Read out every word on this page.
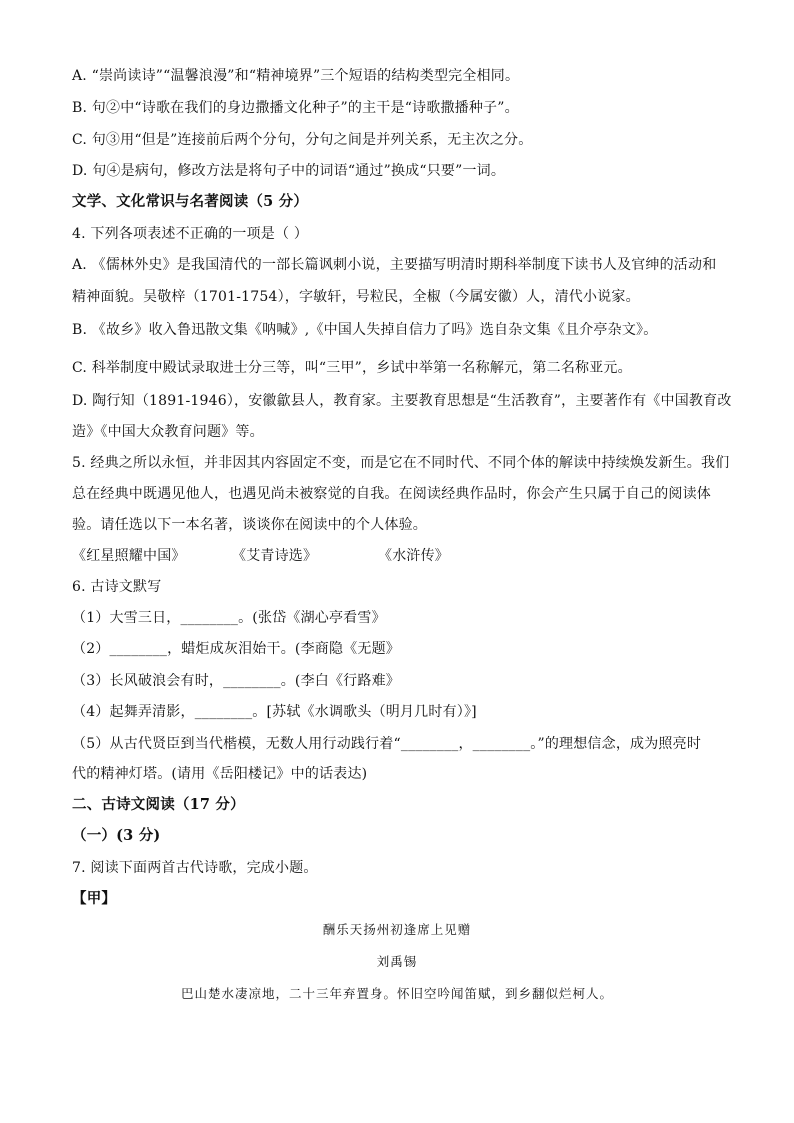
A. “崇尚读诗”“温馨浪漫”和“精神境界”三个短语的结构类型完全相同。
B. 句②中“诗歌在我们的身边撒播文化种子”的主干是“诗歌撒播种子”。
C. 句③用“但是”连接前后两个分句，分句之间是并列关系，无主次之分。
D. 句④是病句，修改方法是将句子中的词语“通过”换成“只要”一词。
文学、文化常识与名著阅读（5 分）
4. 下列各项表述不正确的一项是（ ）
A. 《儒林外史》是我国清代的一部长篇讽刺小说，主要描写明清时期科举制度下读书人及官绅的活动和
精神面貌。吴敬梓（1701-1754），字敏轩，号粒民，全椒（今属安徽）人，清代小说家。
B. 《故乡》收入鲁迅散文集《呐喊》,《中国人失掉自信力了吗》选自杂文集《且介亭杂文》。
C. 科举制度中殿试录取进士分三等，叫“三甲”，乡试中举第一名称解元，第二名称亚元。
D. 陶行知（1891-1946），安徽歙县人，教育家。主要教育思想是“生活教育”，主要著作有《中国教育改
造》《中国大众教育问题》等。
5. 经典之所以永恒，并非因其内容固定不变，而是它在不同时代、不同个体的解读中持续焕发新生。我们
总在经典中既遇见他人，也遇见尚未被察觉的自我。在阅读经典作品时，你会产生只属于自己的阅读体
验。请任选以下一本名著，谈谈你在阅读中的个人体验。
《红星照耀中国》	《艾青诗选》	《水浒传》
6. 古诗文默写
（1）大雪三日，________。(张岱《湖心亭看雪》
（2）________，蜡炬成灰泪始干。(李商隐《无题》
（3）长风破浪会有时，________。(李白《行路难》
（4）起舞弄清影，________。[苏轼《水调歌头（明月几时有）》]
（5）从古代贤臣到当代楷模，无数人用行动践行着“________，________。”的理想信念，成为照亮时
代的精神灯塔。(请用《岳阳楼记》中的话表达)
二、古诗文阅读（17 分）
（一）(3 分)
7. 阅读下面两首古代诗歌，完成小题。
【甲】
酬乐天扬州初逢席上见赠
刘禹锡
巴山楚水凄凉地，二十三年弃置身。怀旧空吟闻笛赋，到乡翻似烂柯人。
